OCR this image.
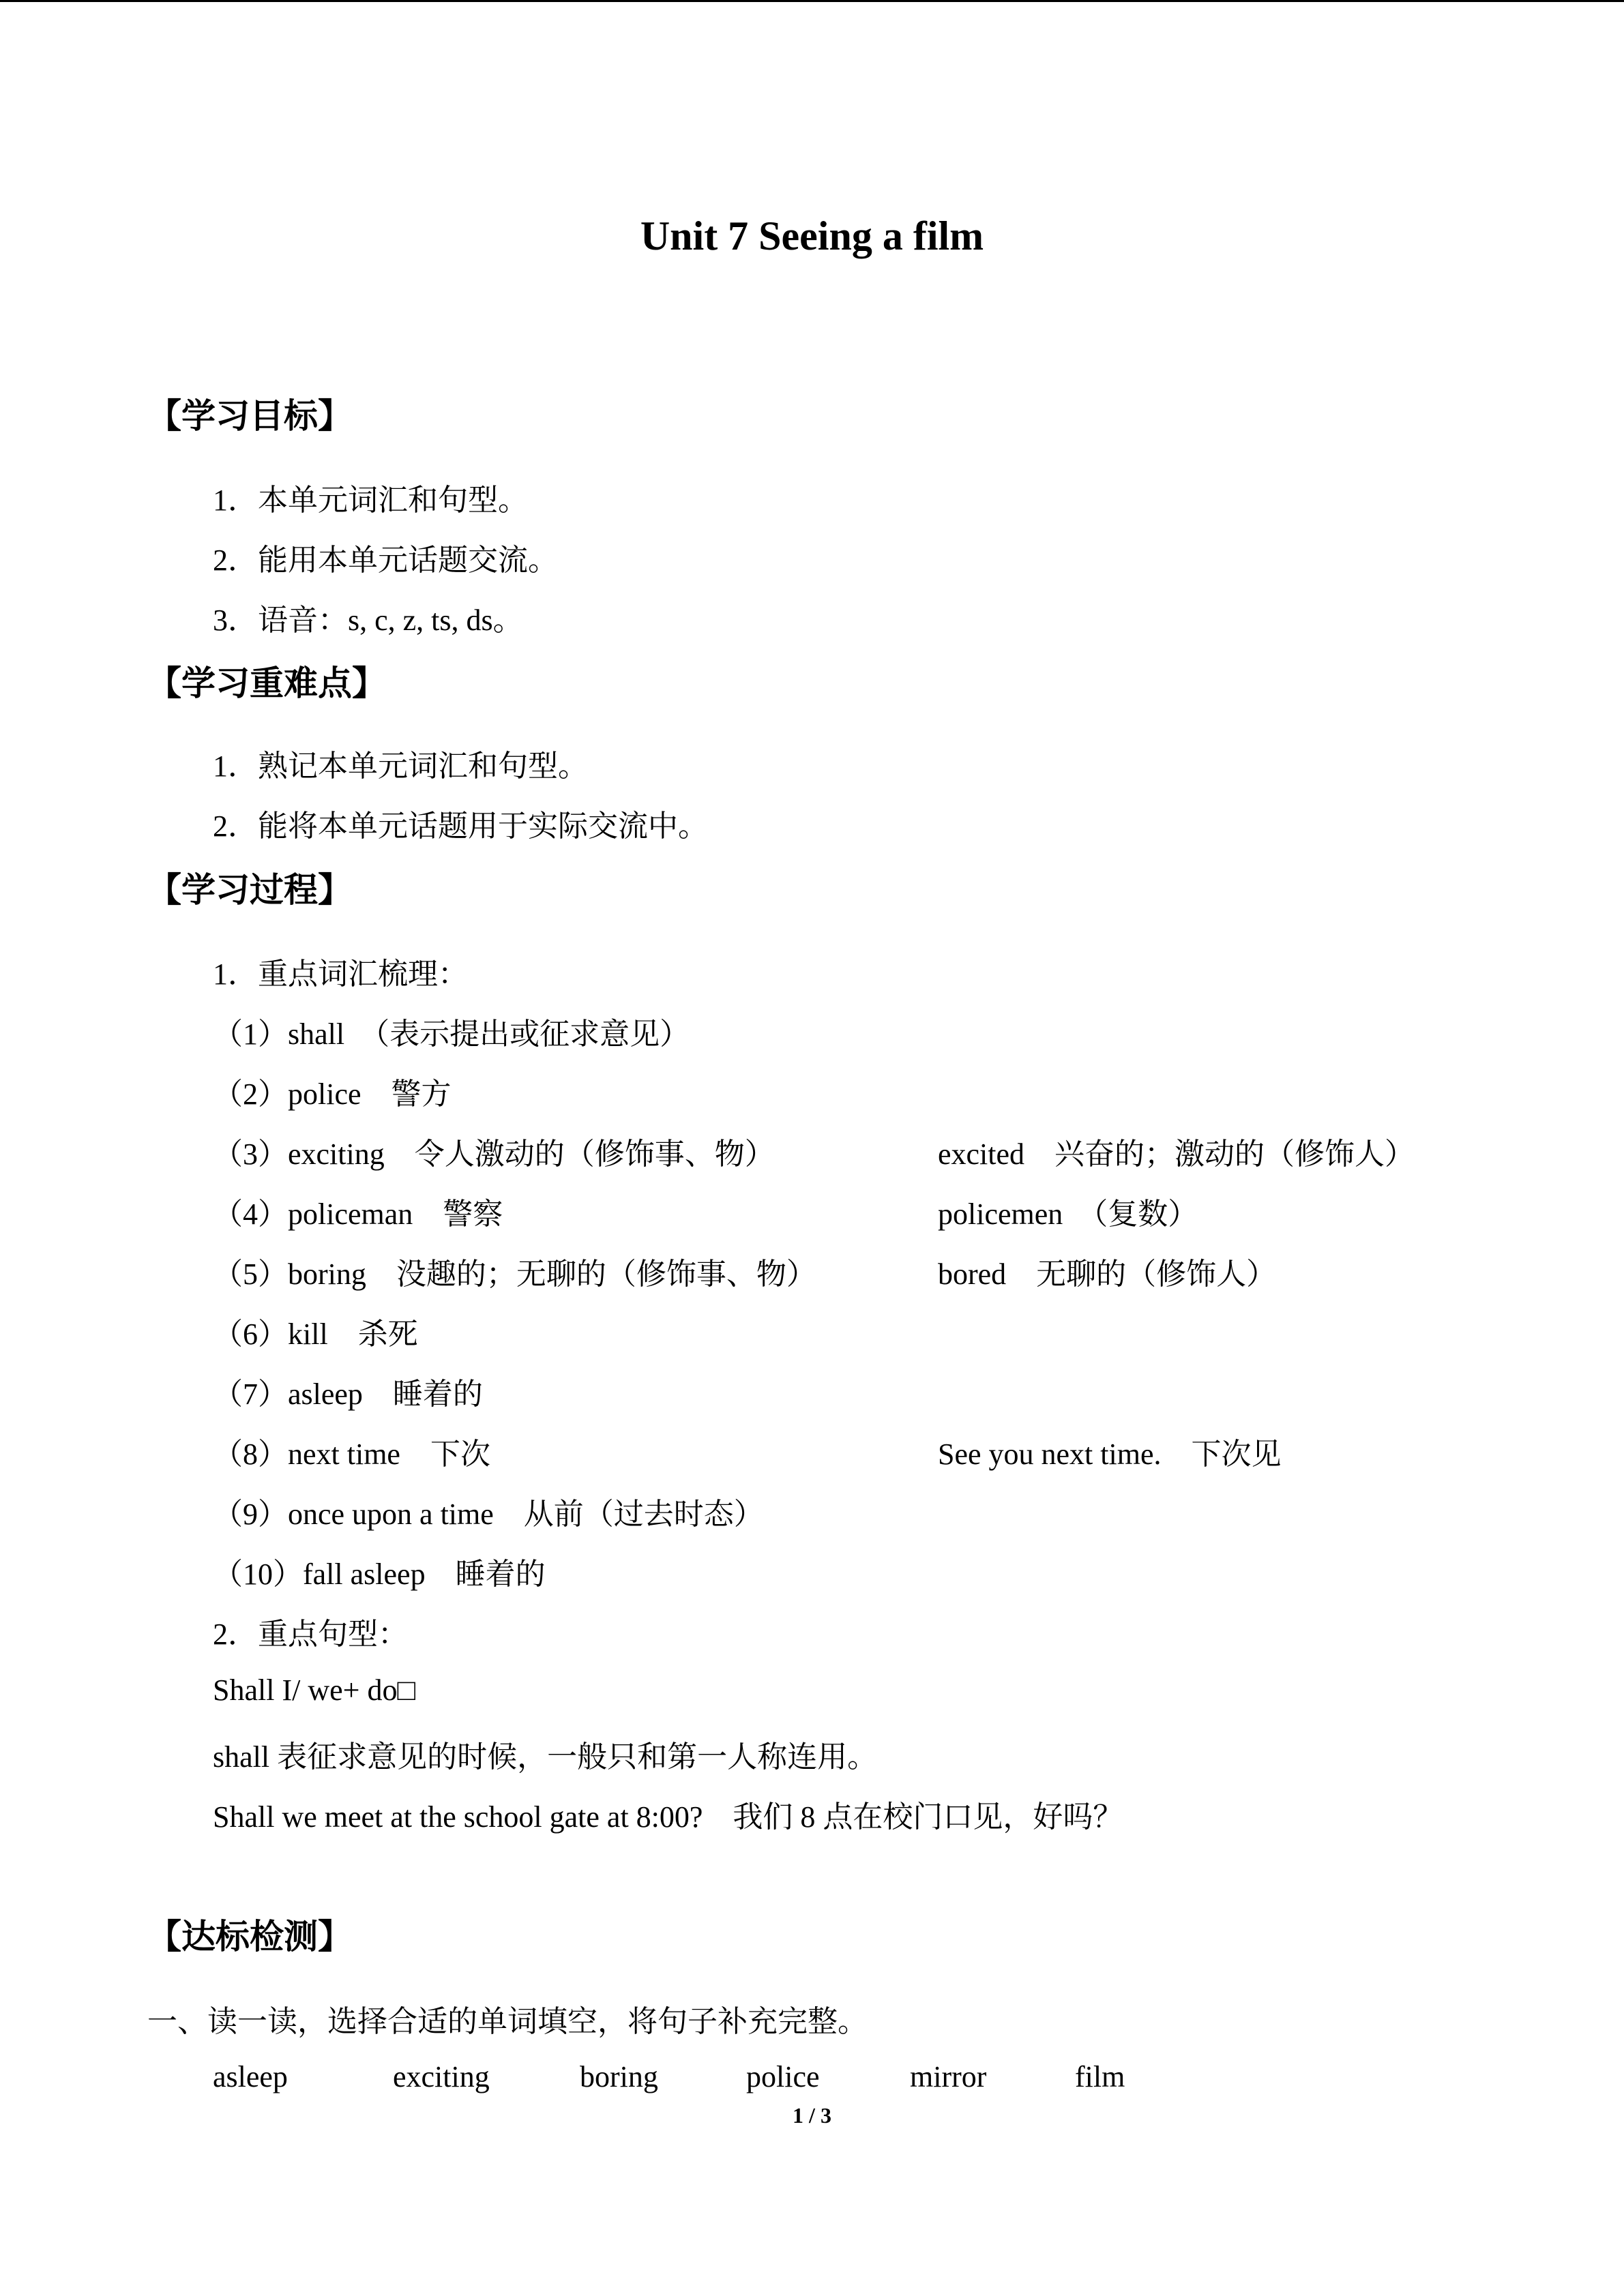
Unit 7 Seeing a film
【学习目标】
1．本单元词汇和句型。
2．能用本单元话题交流。
3．语音：s, c, z, ts, ds。
【学习重难点】
1．熟记本单元词汇和句型。
2．能将本单元话题用于实际交流中。
【学习过程】
1．重点词汇梳理：
（1）shall　（表示提出或征求意见）
（2）police　警方
（3）exciting　令人激动的（修饰事、物）	excited　兴奋的；激动的（修饰人）
（4）policeman　警察	policemen　（复数）
（5）boring　没趣的；无聊的（修饰事、物）	bored　无聊的（修饰人）
（6）kill　杀死
（7）asleep　睡着的
（8）next time　下次	See you next time.　下次见
（9）once upon a time　从前（过去时态）
（10）fall asleep　睡着的
2．重点句型：
Shall I/ we+ do□
shall 表征求意见的时候，一般只和第一人称连用。
Shall we meet at the school gate at 8:00?　我们 8 点在校门口见，好吗？
【达标检测】
一、读一读，选择合适的单词填空，将句子补充完整。
asleep	exciting	boring	police	mirror	film
1 / 3
